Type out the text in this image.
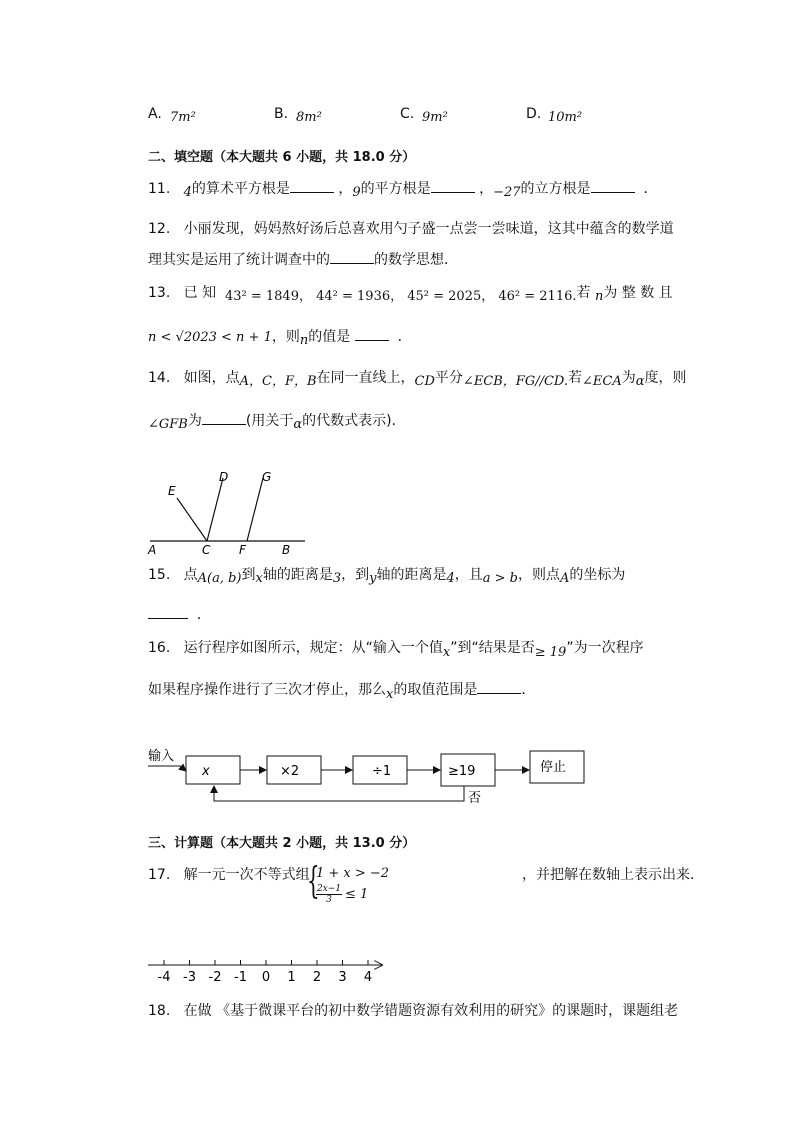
A. 7m²	B. 8m²	C. 9m²	D. 10m²
二、填空题（本大题共 6 小题，共 18.0 分）
11. 4的算术平方根是	，9的平方根是	，−27的立方根是	．
12. 小丽发现，妈妈熬好汤后总喜欢用勺子盛一点尝一尝味道，这其中蕴含的数学道
理其实是运用了统计调查中的	的数学思想．
13. 已 知 43² = 1849， 44² = 1936， 45² = 2025， 46² = 2116.若 n为 整 数 且
n < √2023 < n + 1，则n的值是	．
14. 如图，点A，C，F，B在同一直线上，CD平分∠ECB，FG//CD.若∠ECA为α度，则
∠GFB为	(用关于α的代数式表示)．
E
D	G
A	C F	B
15. 点A(a, b)到x轴的距离是3，到y轴的距离是4，且a > b，则点A的坐标为
．
16. 运行程序如图所示，规定：从“输入一个值x”到“结果是否≥ 19”为一次程序
如果程序操作进行了三次才停止，那么x的取值范围是	．
输入
x	×2	÷1	≥19	停止
否
三、计算题（本大题共 2 小题，共 13.0 分）
17. 解一元一次不等式组
{
1 + x > −2	，并把解在数轴上表示出来．
$\frac{2x-1}{3} \le 1$
-4 -3 -2 -1 0 1 2 3 4
18. 在做 《基于微课平台的初中数学错题资源有效利用的研究》的课题时，课题组老
